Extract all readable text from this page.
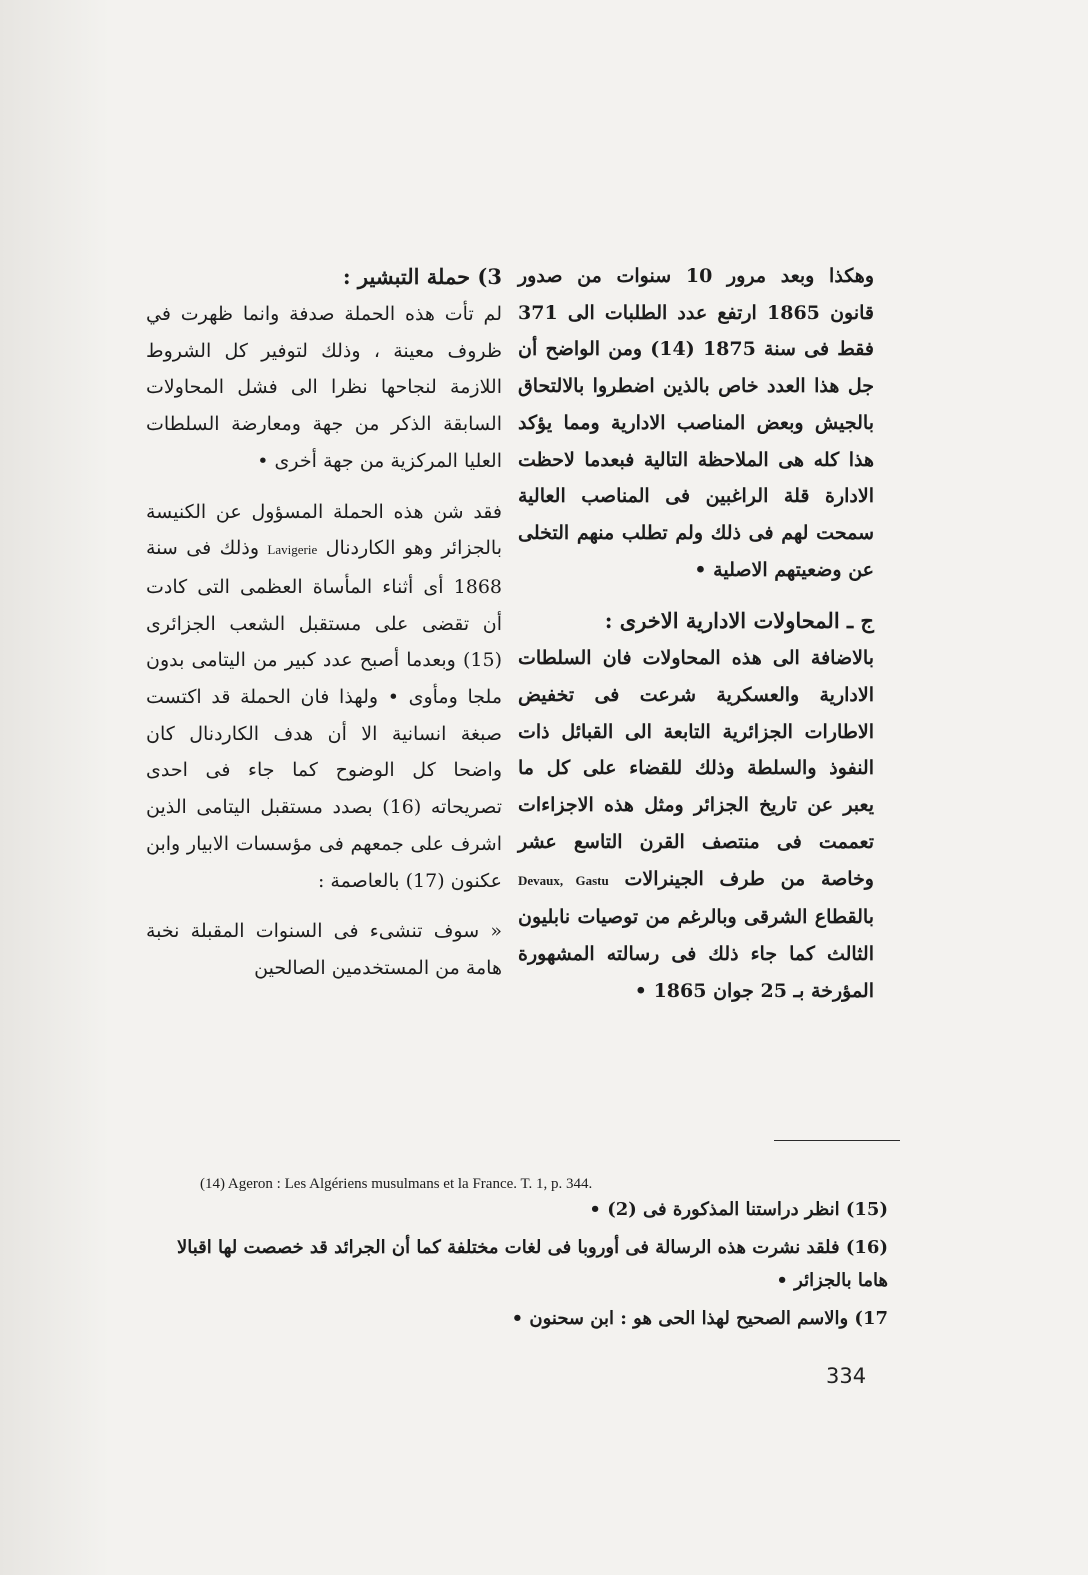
وهكذا وبعد مرور 10 سنوات من صدور قانون 1865 ارتفع عدد الطلبات الى 371 فقط فى سنة 1875 (14) ومن الواضح أن جل هذا العدد خاص بالذين اضطروا بالالتحاق بالجيش وبعض المناصب الادارية ومما يؤكد هذا كله هى الملاحظة التالية فبعدما لاحظت الادارة قلة الراغبين فى المناصب العالية سمحت لهم فى ذلك ولم تطلب منهم التخلى عن وضعيتهم الاصلية •

ج ـ المحاولات الادارية الاخرى :

بالاضافة الى هذه المحاولات فان السلطات الادارية والعسكرية شرعت فى تخفيض الاطارات الجزائرية التابعة الى القبائل ذات النفوذ والسلطة وذلك للقضاء على كل ما يعبر عن تاريخ الجزائر ومثل هذه الاجزاءات تعممت فى منتصف القرن التاسع عشر وخاصة من طرف الجينرالات Devaux, Gastu بالقطاع الشرقى وبالرغم من توصيات نابليون الثالث كما جاء ذلك فى رسالته المشهورة المؤرخة بـ 25 جوان 1865 •

3) حملة التبشير :

لم تأت هذه الحملة صدفة وانما ظهرت في ظروف معينة ، وذلك لتوفير كل الشروط اللازمة لنجاحها نظرا الى فشل المحاولات السابقة الذكر من جهة ومعارضة السلطات العليا المركزية من جهة أخرى •

فقد شن هذه الحملة المسؤول عن الكنيسة بالجزائر وهو الكاردنال Lavigerie وذلك فى سنة 1868 أى أثناء المأساة العظمى التى كادت أن تقضى على مستقبل الشعب الجزائرى (15) وبعدما أصبح عدد كبير من اليتامى بدون ملجا ومأوى • ولهذا فان الحملة قد اكتست صبغة انسانية الا أن هدف الكاردنال كان واضحا كل الوضوح كما جاء فى احدى تصريحاته (16) بصدد مستقبل اليتامى الذين اشرف على جمعهم فى مؤسسات الابيار وابن عكنون (17) بالعاصمة :

« سوف تنشىء فى السنوات المقبلة نخبة هامة من المستخدمين الصالحين

(14) Ageron : Les Algériens musulmans et la France. T. 1, p. 344.

(15) انظر دراستنا المذكورة فى (2) •

(16) فلقد نشرت هذه الرسالة فى أوروبا فى لغات مختلفة كما أن الجرائد قد خصصت لها اقبالا هاما بالجزائر •

17) والاسم الصحيح لهذا الحى هو : ابن سحنون •

334
